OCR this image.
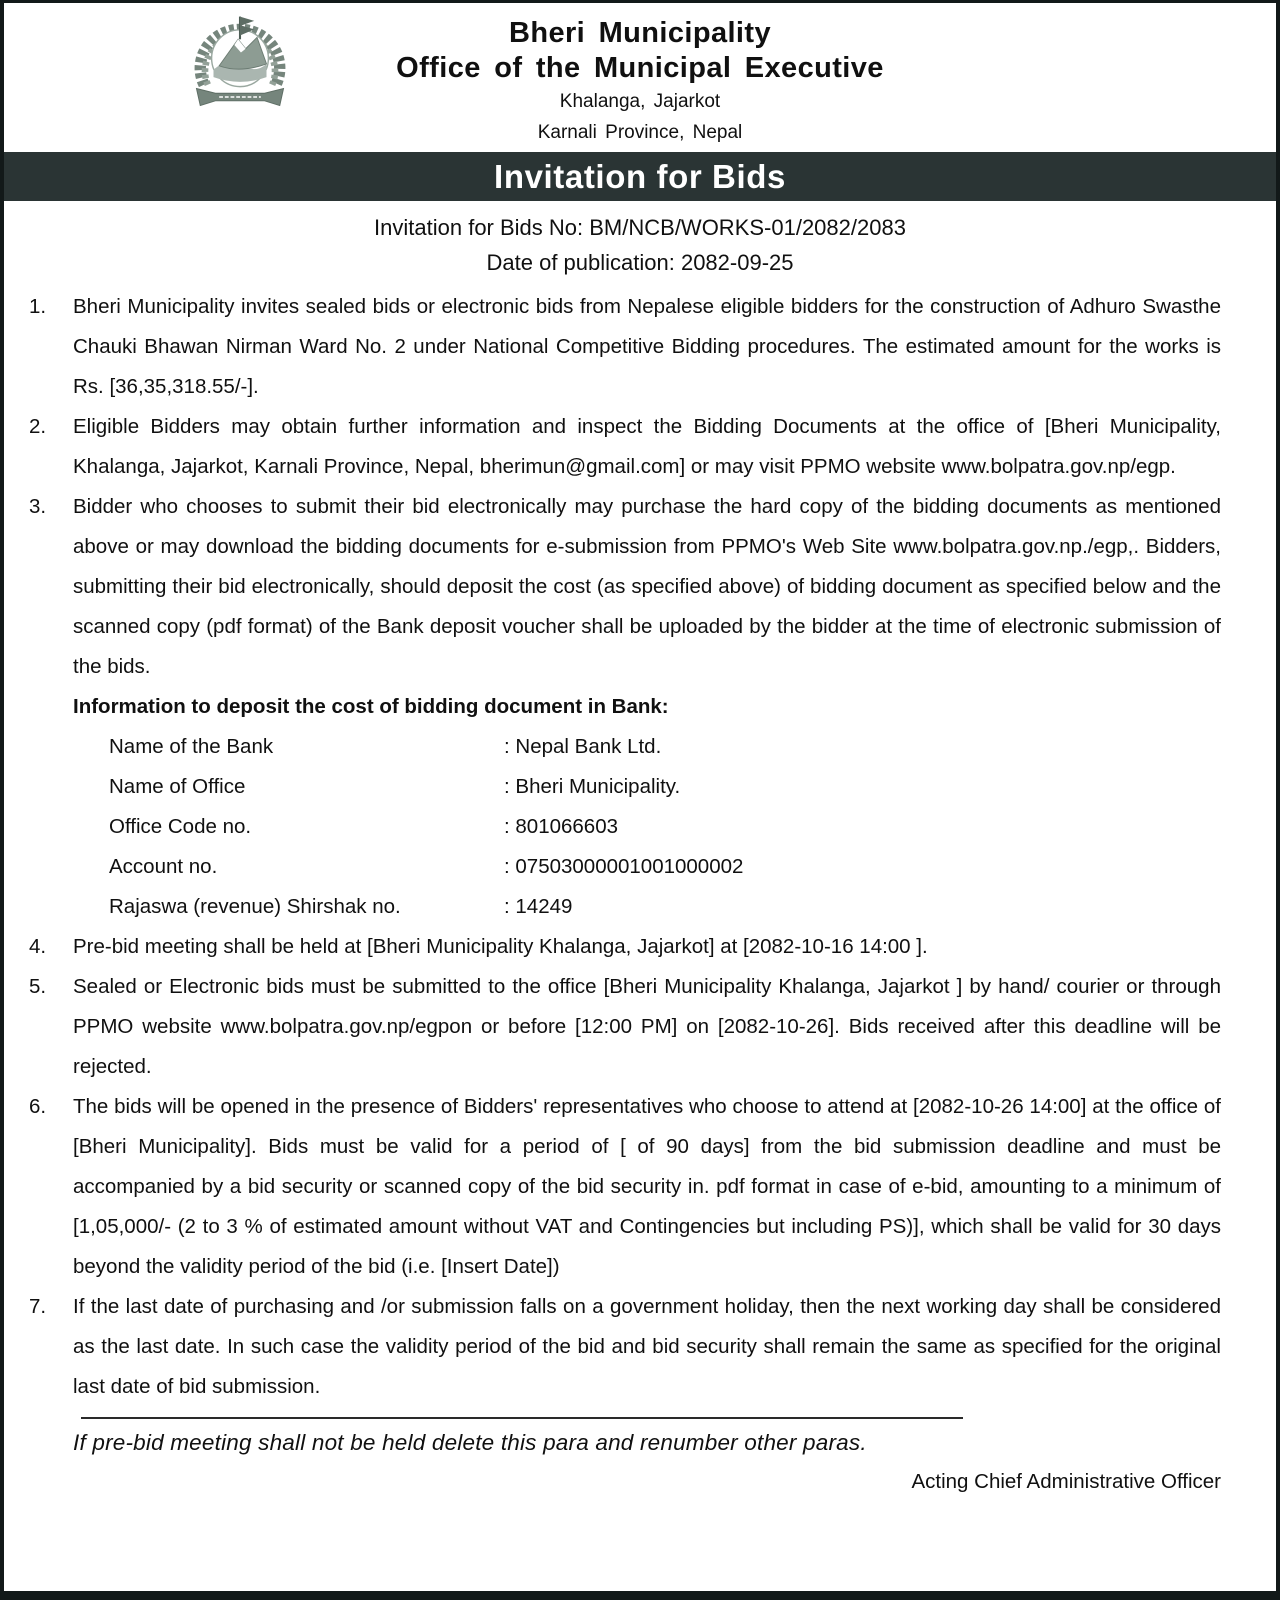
Bheri Municipality
Office of the Municipal Executive
Khalanga, Jajarkot
Karnali Province, Nepal
Invitation for Bids
Invitation for Bids No: BM/NCB/WORKS-01/2082/2083
Date of publication: 2082-09-25
1.	Bheri Municipality invites sealed bids or electronic bids from Nepalese eligible bidders for the construction of Adhuro Swasthe Chauki Bhawan Nirman Ward No. 2 under National Competitive Bidding procedures. The estimated amount for the works is Rs. [36,35,318.55/-].
2.	Eligible Bidders may obtain further information and inspect the Bidding Documents at the office of [Bheri Municipality, Khalanga, Jajarkot, Karnali Province, Nepal, bherimun@gmail.com] or may visit PPMO website www.bolpatra.gov.np/egp.
3.	Bidder who chooses to submit their bid electronically may purchase the hard copy of the bidding documents as mentioned above or may download the bidding documents for e-submission from PPMO's Web Site www.bolpatra.gov.np./egp,. Bidders, submitting their bid electronically, should deposit the cost (as specified above) of bidding document as specified below and the scanned copy (pdf format) of the Bank deposit voucher shall be uploaded by the bidder at the time of electronic submission of the bids.
Information to deposit the cost of bidding document in Bank:
Name of the Bank	: Nepal Bank Ltd.
Name of Office	: Bheri Municipality.
Office Code no.	: 801066603
Account no.	: 07503000001001000002
Rajaswa (revenue) Shirshak no.	: 14249
4.	Pre-bid meeting shall be held at [Bheri Municipality Khalanga, Jajarkot] at [2082-10-16 14:00 ].
5.	Sealed or Electronic bids must be submitted to the office [Bheri Municipality Khalanga, Jajarkot ] by hand/ courier or through PPMO website www.bolpatra.gov.np/egpon or before [12:00 PM] on [2082-10-26]. Bids received after this deadline will be rejected.
6.	The bids will be opened in the presence of Bidders' representatives who choose to attend at [2082-10-26 14:00] at the office of [Bheri Municipality]. Bids must be valid for a period of [ of 90 days] from the bid submission deadline and must be accompanied by a bid security or scanned copy of the bid security in. pdf format in case of e-bid, amounting to a minimum of [1,05,000/- (2 to 3 % of estimated amount without VAT and Contingencies but including PS)], which shall be valid for 30 days beyond the validity period of the bid (i.e. [Insert Date])
7.	If the last date of purchasing and /or submission falls on a government holiday, then the next working day shall be considered as the last date. In such case the validity period of the bid and bid security shall remain the same as specified for the original last date of bid submission.
If pre-bid meeting shall not be held delete this para and renumber other paras.
Acting Chief Administrative Officer
